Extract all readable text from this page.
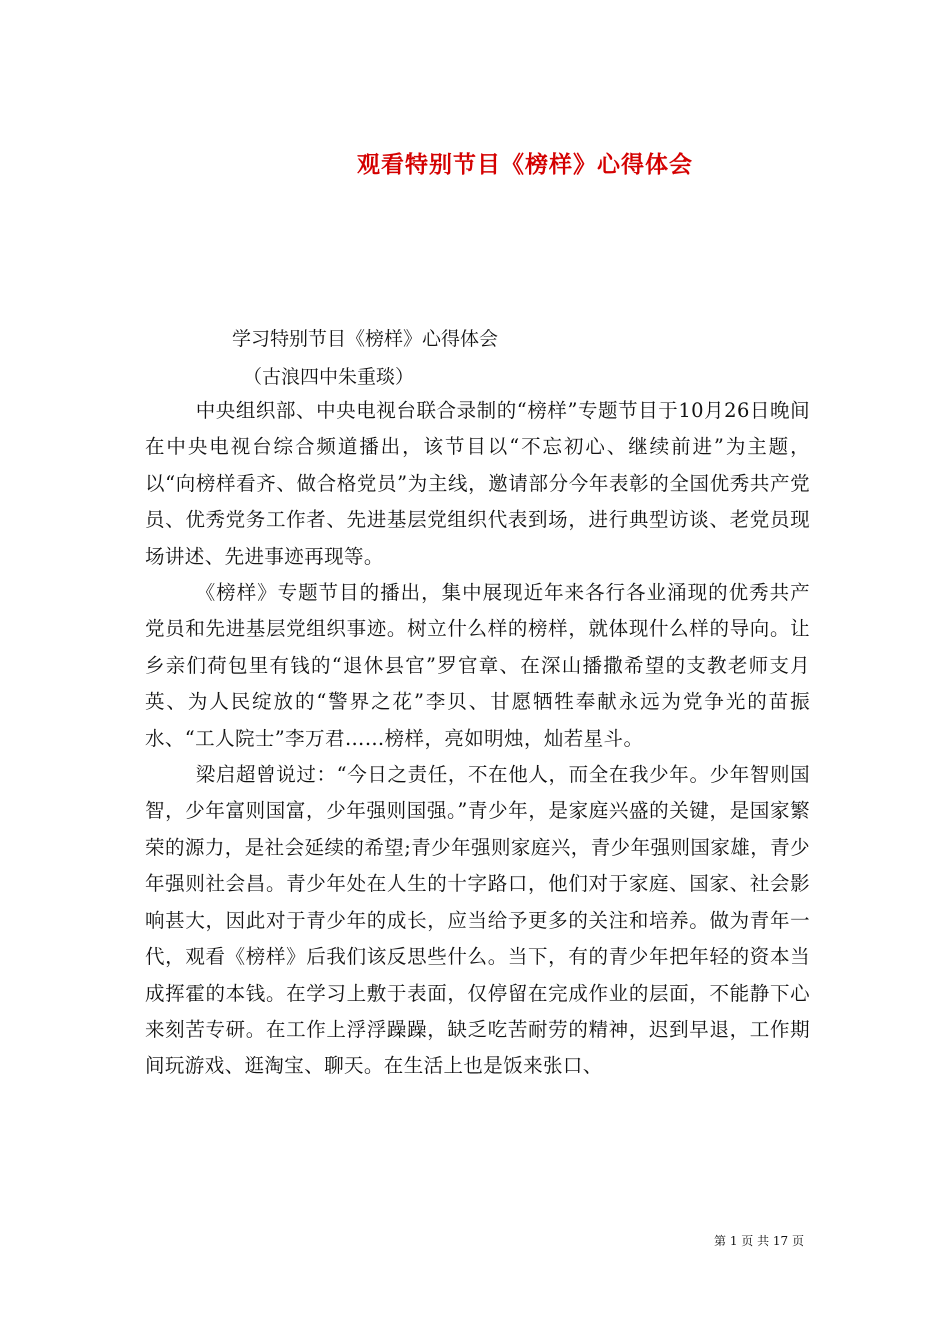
观看特别节目《榜样》心得体会
学习特别节目《榜样》心得体会
（古浪四中朱重琰）

中央组织部、中央电视台联合录制的“榜样”专题节目于10月26日晚间在中央电视台综合频道播出，该节目以“不忘初心、继续前进”为主题，以“向榜样看齐、做合格党员”为主线，邀请部分今年表彰的全国优秀共产党员、优秀党务工作者、先进基层党组织代表到场，进行典型访谈、老党员现场讲述、先进事迹再现等。

《榜样》专题节目的播出，集中展现近年来各行各业涌现的优秀共产党员和先进基层党组织事迹。树立什么样的榜样，就体现什么样的导向。让乡亲们荷包里有钱的“退休县官”罗官章、在深山播撒希望的支教老师支月英、为人民绽放的“警界之花”李贝、甘愿牺牲奉献永远为党争光的苗振水、“工人院士”李万君……榜样，亮如明烛，灿若星斗。

梁启超曾说过：“今日之责任，不在他人，而全在我少年。少年智则国智，少年富则国富，少年强则国强。”青少年，是家庭兴盛的关键，是国家繁荣的源力，是社会延续的希望;青少年强则家庭兴，青少年强则国家雄，青少年强则社会昌。青少年处在人生的十字路口，他们对于家庭、国家、社会影响甚大，因此对于青少年的成长，应当给予更多的关注和培养。做为青年一代，观看《榜样》后我们该反思些什么。当下，有的青少年把年轻的资本当成挥霍的本钱。在学习上敷于表面，仅停留在完成作业的层面，不能静下心来刻苦专研。在工作上浮浮躁躁，缺乏吃苦耐劳的精神，迟到早退，工作期间玩游戏、逛淘宝、聊天。在生活上也是饭来张口、

第 1 页 共 17 页
